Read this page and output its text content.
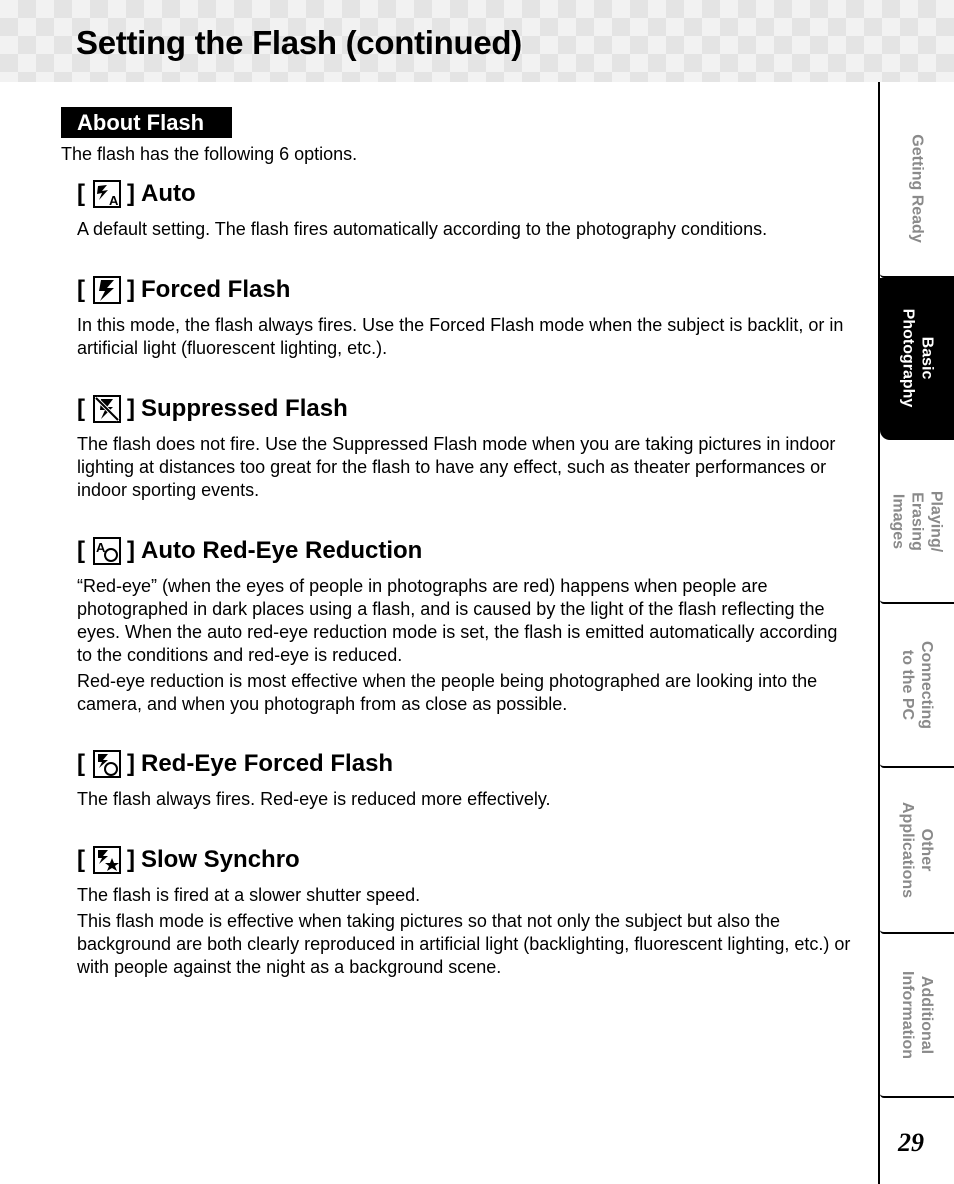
Setting the Flash (continued)
About Flash

The flash has the following 6 options.

[ A ] Auto

A default setting. The flash fires automatically according to the photography conditions.

[ ] Forced Flash

In this mode, the flash always fires. Use the Forced Flash mode when the subject is backlit, or in artificial light (fluorescent lighting, etc.).

[ ] Suppressed Flash

The flash does not fire. Use the Suppressed Flash mode when you are taking pictures in indoor lighting at distances too great for the flash to have any effect, such as theater performances or indoor sporting events.

[ A ] Auto Red-Eye Reduction

“Red-eye” (when the eyes of people in photographs are red) happens when people are photographed in dark places using a flash, and is caused by the light of the flash reflecting the eyes. When the auto red-eye reduction mode is set, the flash is emitted automatically according to the conditions and red-eye is reduced.

Red-eye reduction is most effective when the people being photographed are looking into the camera, and when you photograph from as close as possible.

[ ] Red-Eye Forced Flash

The flash always fires. Red-eye is reduced more effectively.

[ ] Slow Synchro

The flash is fired at a slower shutter speed.

This flash mode is effective when taking pictures so that not only the subject but also the background are both clearly reproduced in artificial light (backlighting, fluorescent lighting, etc.) or with people against the night as a background scene.

Getting Ready
Basic Photography
Playing/ Erasing Images
Connecting to the PC
Other Applications
Additional Information
29
